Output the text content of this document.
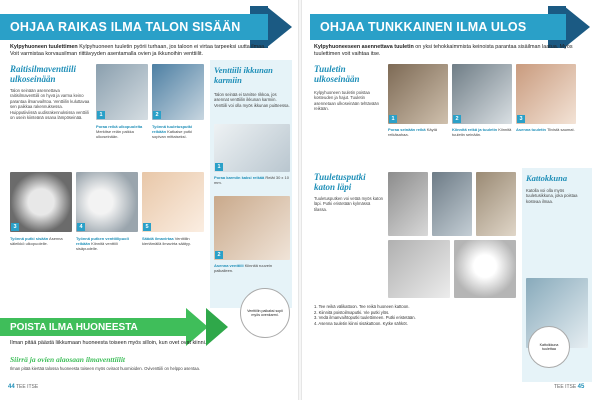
OHJAA RAIKAS ILMA TALON SISÄÄN
Kylpyhuoneen tuulettimen Kylpyhuoneen tuuletin pyörii turhaan, jos taloon ei virtaa tarpeeksi uutta ilmaa. Voit varmistaa korvausilman riittävyyden asentamalla ovien ja ikkunoihin venttiilit.
Raitisilmaventtiili ulkoseinään
Talon seinään asennettava raitisilmaventtiili on hyvä ja varma keino parantaa ilmanvaihtoa. Venttiilin kuluttavaa sen paikkaa rakennuksessa. Huipputiiviissä uudisrakennuksissa venttiili on usein kiinteänä osana lämpöseinää.	1
Poraa reikä ulkopuolelta Merkitse reiän paikka ulkoseinään.
2
Työnnä tuuletusputki reikään Katkaise putki sopivan mittaiseksi.
Venttiili ikkunan karmiin
Talon seinää ei tarvitse rikkoa, jos asennat venttiilin ikkunan karmiin. Venttiili voi olla myös ikkunan puitteessa.
1
Poraa karmiin kaksi reikää Reiät 30 x 10 mm.
2
Asenna venttiili Kiinnitä ruuvein paikalleen.
3
Työnnä putki sisään Asenna säleikkö ulkopuolelle.
4
Työnnä putken venttiilipuoli reikään Kiinnitä venttiili sisäpuolelle.
5
Säädä ilmavirtaa Venttiilin kiertämällä ilmavirta säätyy.
POISTA ILMA HUONEESTA
Ilman pitää päästä liikkumaan huoneesta toiseen myös silloin, kun ovet ovat kiinni.
Siirrä ja ovien alaosaan ilmaventtiilit
Ilman pitää kiertää talossa huoneesta toiseen myös oviraot huomioiden. Oviventtiili on helppo asentaa.
Venttiilin paikaksi sopii myös ovenkarmi.
44 TEE ITSE
OHJAA TUNKKAINEN ILMA ULOS
Kylpyhuoneeseen asennettava tuuletin on yksi tehokkaimmista keinoista parantaa sisäilman laatua. Myös tuulettimen voit vaihtaa itse.
Tuuletin ulkoseinään
Kylpyhuoneen tuuletin poistaa kosteuden ja hajut. Tuuletin asennetaan ulkoseinään tehtävään reikään.
1
Poraa seinään reikä Käytä reikäsahaa.
2
Kiinnitä reikä ja tuuletin Kiinnitä tuuletin seinään.
3
Asenna tuuletin Tiivistä saumat.
Tuuletusputki katon läpi
Tuuletusputken voi vetää myös katon läpi. Putki eristetään kylmässä tilassa.
1. Tee reikä välikattoon. Tee reikä huoneen kattoon.
2. Kiinnitä poistoilmaputki. Vie putki ylös.
3. Vedä ilmanvaihtoputki tuulettimeen. Putki eristetään.
4. Asenna tuuletin kiinni sisäkattoon. Kytke sähköt.
Kattokkuna
Katolla voi olla myös tuuletusikkuna, joka poistaa kosteaa ilmaa.
Kattoikkuna tuulettaa
TEE ITSE 45
